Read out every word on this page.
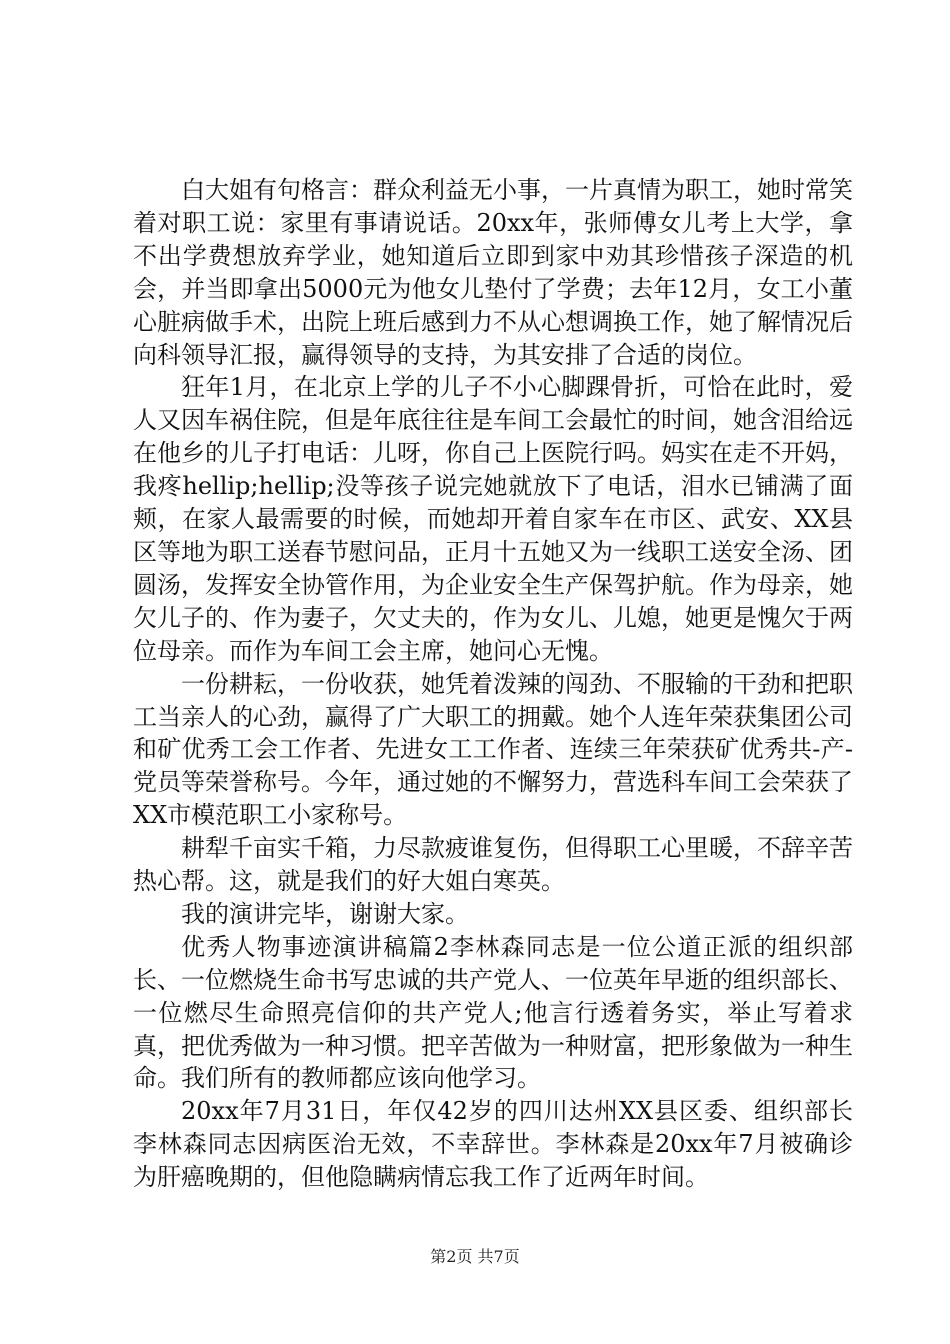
白大姐有句格言：群众利益无小事，一片真情为职工，她时常笑着对职工说：家里有事请说话。20xx年，张师傅女儿考上大学，拿不出学费想放弃学业，她知道后立即到家中劝其珍惜孩子深造的机会，并当即拿出5000元为他女儿垫付了学费；去年12月，女工小董心脏病做手术，出院上班后感到力不从心想调换工作，她了解情况后向科领导汇报，赢得领导的支持，为其安排了合适的岗位。

狂年1月，在北京上学的儿子不小心脚踝骨折，可恰在此时，爱人又因车祸住院，但是年底往往是车间工会最忙的时间，她含泪给远在他乡的儿子打电话：儿呀，你自己上医院行吗。妈实在走不开妈，我疼hellip;hellip;没等孩子说完她就放下了电话，泪水已铺满了面颊，在家人最需要的时候，而她却开着自家车在市区、武安、XX县区等地为职工送春节慰问品，正月十五她又为一线职工送安全汤、团圆汤，发挥安全协管作用，为企业安全生产保驾护航。作为母亲，她欠儿子的、作为妻子，欠丈夫的，作为女儿、儿媳，她更是愧欠于两位母亲。而作为车间工会主席，她问心无愧。

一份耕耘，一份收获，她凭着泼辣的闯劲、不服输的干劲和把职工当亲人的心劲，赢得了广大职工的拥戴。她个人连年荣获集团公司和矿优秀工会工作者、先进女工工作者、连续三年荣获矿优秀共-产-党员等荣誉称号。今年，通过她的不懈努力，营选科车间工会荣获了XX市模范职工小家称号。

耕犁千亩实千箱，力尽款疲谁复伤，但得职工心里暖，不辞辛苦热心帮。这，就是我们的好大姐白寒英。

我的演讲完毕，谢谢大家。

优秀人物事迹演讲稿篇2李林森同志是一位公道正派的组织部长、一位燃烧生命书写忠诚的共产党人、一位英年早逝的组织部长、一位燃尽生命照亮信仰的共产党人;他言行透着务实，举止写着求真，把优秀做为一种习惯。把辛苦做为一种财富，把形象做为一种生命。我们所有的教师都应该向他学习。

20xx年7月31日，年仅42岁的四川达州XX县区委、组织部长李林森同志因病医治无效，不幸辞世。李林森是20xx年7月被确诊为肝癌晚期的，但他隐瞒病情忘我工作了近两年时间。

第2页 共7页
